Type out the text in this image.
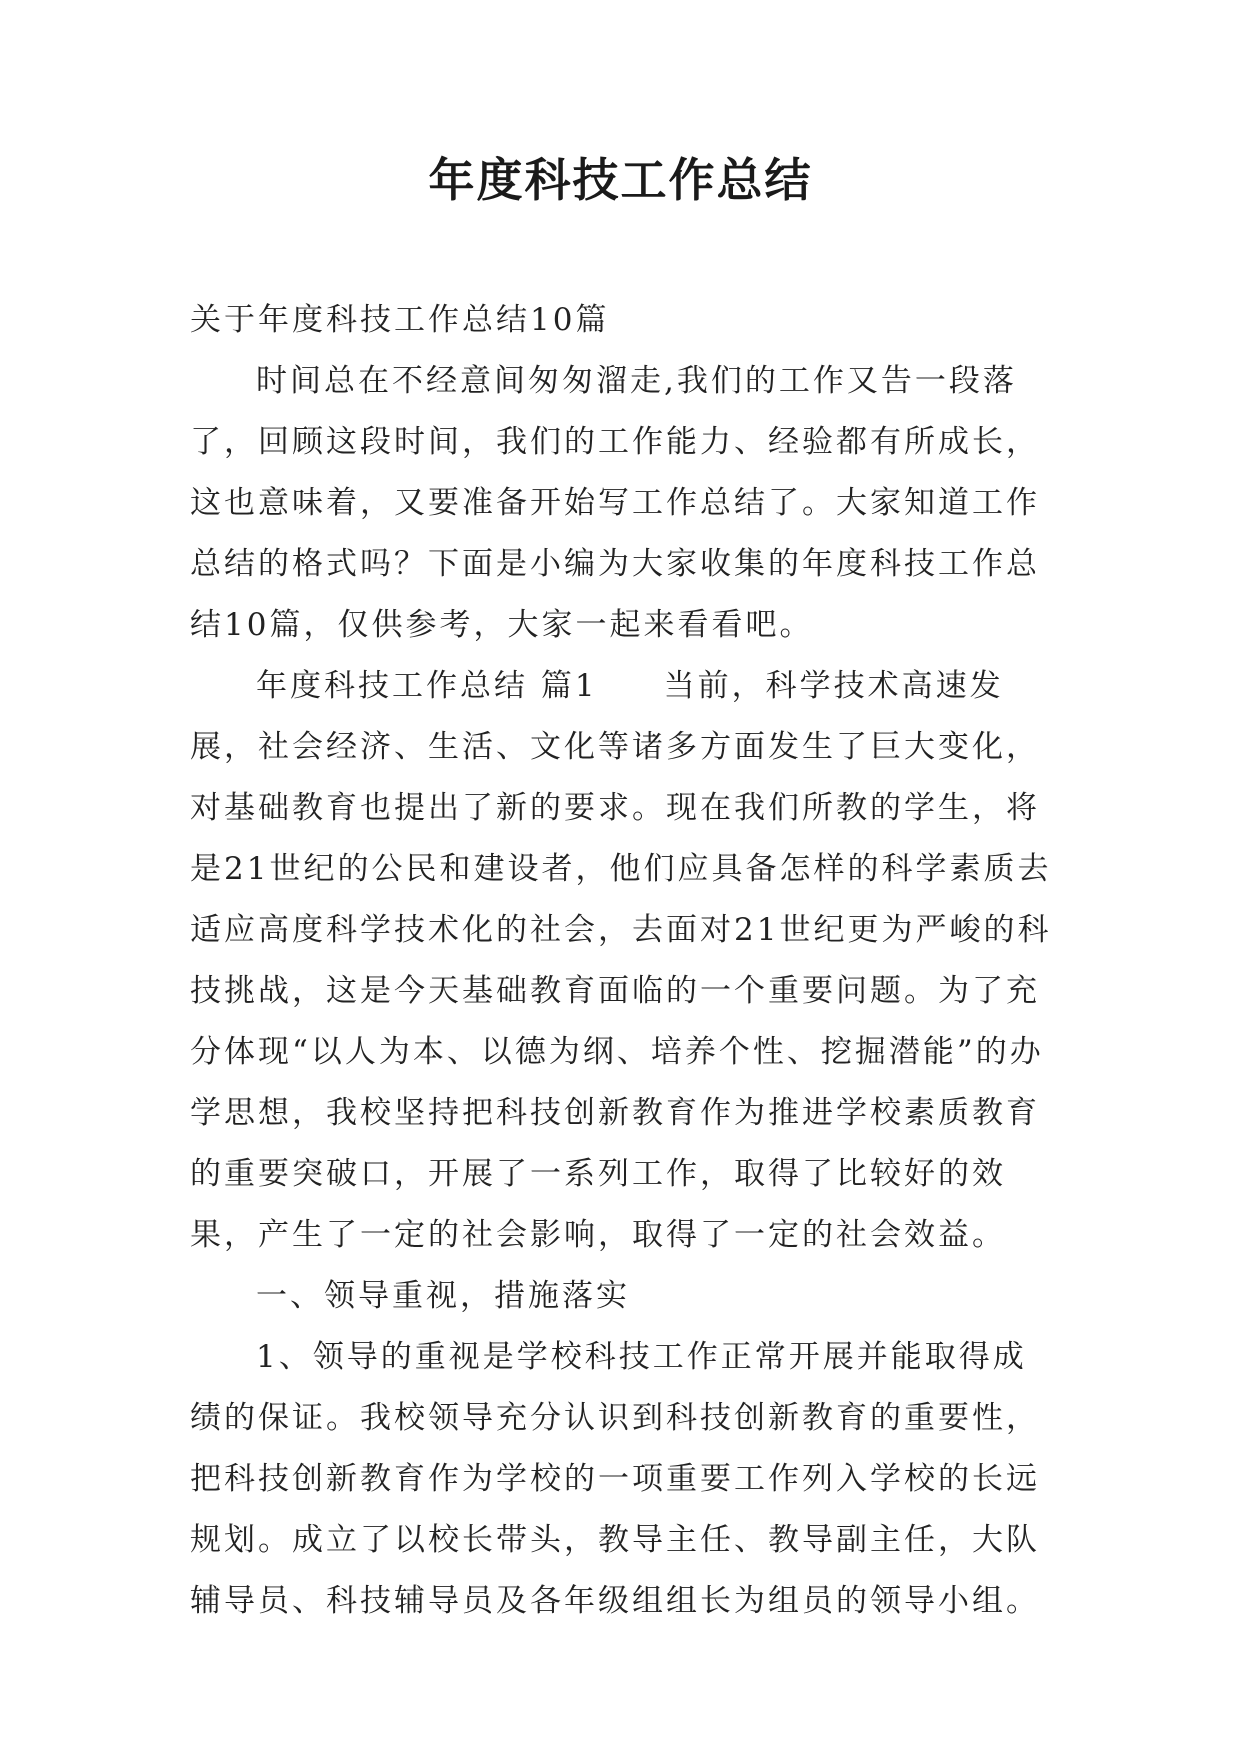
年度科技工作总结

关于年度科技工作总结10篇

时间总在不经意间匆匆溜走,我们的工作又告一段落了，回顾这段时间，我们的工作能力、经验都有所成长，这也意味着，又要准备开始写工作总结了。大家知道工作总结的格式吗？下面是小编为大家收集的年度科技工作总结10篇，仅供参考，大家一起来看看吧。

年度科技工作总结 篇1 当前，科学技术高速发展，社会经济、生活、文化等诸多方面发生了巨大变化，对基础教育也提出了新的要求。现在我们所教的学生，将是21世纪的公民和建设者，他们应具备怎样的科学素质去适应高度科学技术化的社会，去面对21世纪更为严峻的科技挑战，这是今天基础教育面临的一个重要问题。为了充分体现“以人为本、以德为纲、培养个性、挖掘潜能”的办学思想，我校坚持把科技创新教育作为推进学校素质教育的重要突破口，开展了一系列工作，取得了比较好的效果，产生了一定的社会影响，取得了一定的社会效益。

一、领导重视，措施落实

1、领导的重视是学校科技工作正常开展并能取得成绩的保证。我校领导充分认识到科技创新教育的重要性，把科技创新教育作为学校的一项重要工作列入学校的长远规划。成立了以校长带头，教导主任、教导副主任，大队辅导员、科技辅导员及各年级组组长为组员的领导小组。
